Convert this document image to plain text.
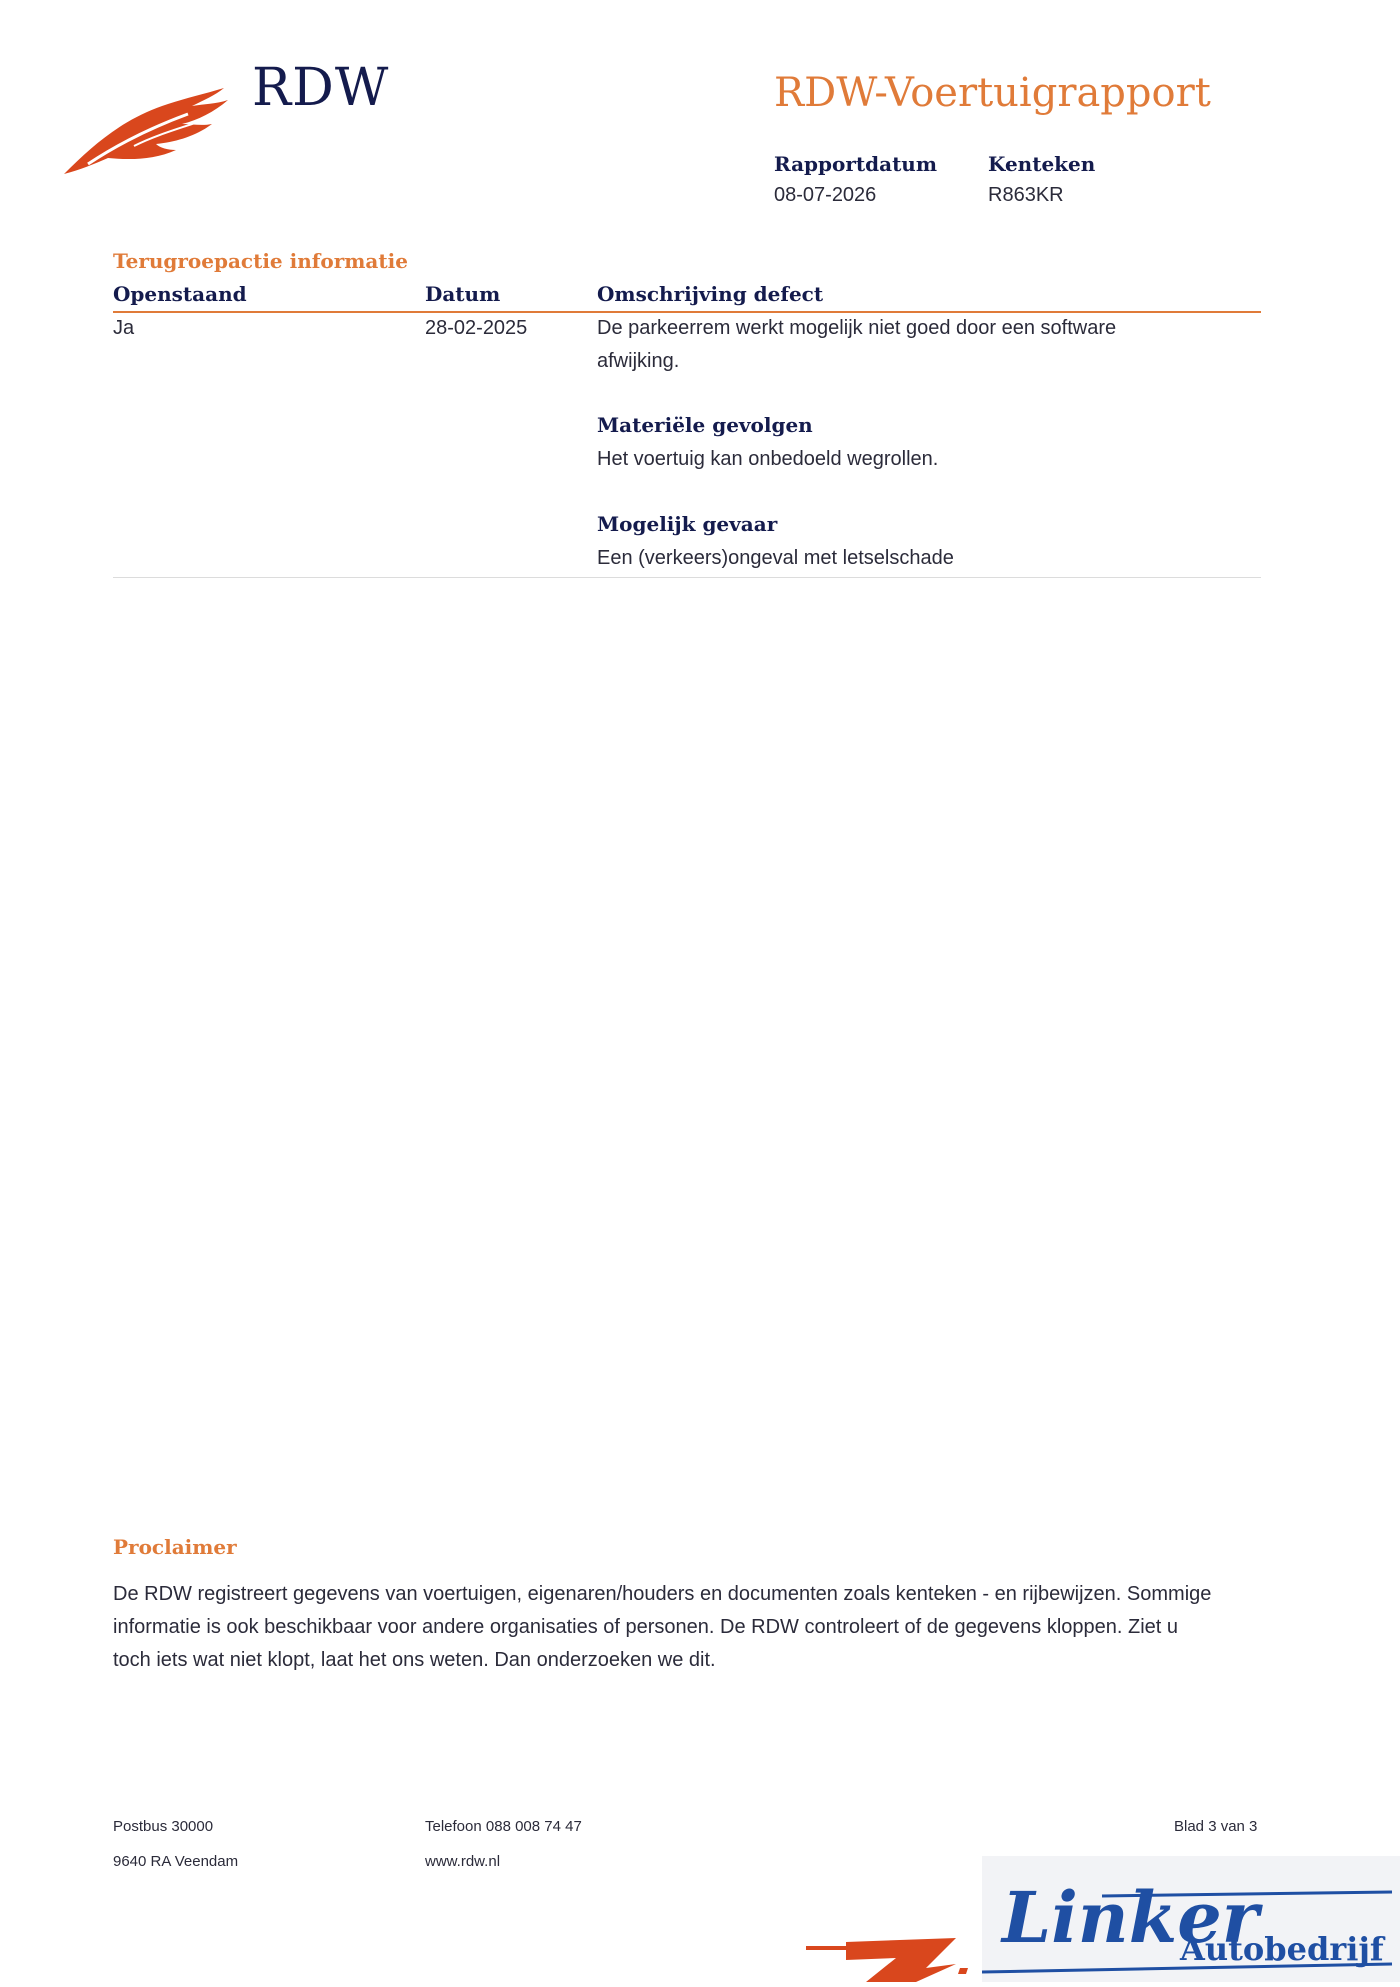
RDW	RDW-Voertuigrapport
Rapportdatum
08-07-2026
Kenteken
R863KR
Terugroepactie informatie
Openstaand	Datum	Omschrijving defect
Ja	28-02-2025	De parkeerrem werkt mogelijk niet goed door een software afwijking.
Materiële gevolgen
Het voertuig kan onbedoeld wegrollen.
Mogelijk gevaar
Een (verkeers)ongeval met letselschade
Proclaimer
De RDW registreert gegevens van voertuigen, eigenaren/houders en documenten zoals kenteken - en rijbewijzen. Sommige informatie is ook beschikbaar voor andere organisaties of personen. De RDW controleert of de gegevens kloppen. Ziet u toch iets wat niet klopt, laat het ons weten. Dan onderzoeken we dit.
Postbus 30000
9640 RA Veendam
Telefoon 088 008 74 47
www.rdw.nl
Blad 3 van 3
Linker
Autobedrijf
